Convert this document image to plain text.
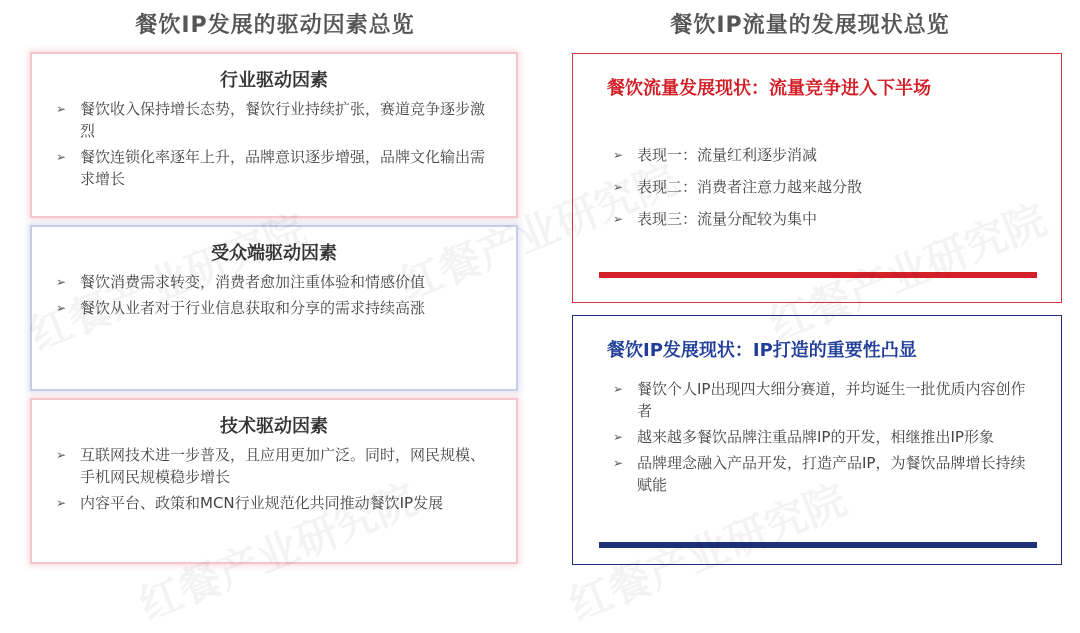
餐饮IP发展的驱动因素总览	餐饮IP流量的发展现状总览
行业驱动因素
➢ 餐饮收入保持增长态势，餐饮行业持续扩张，赛道竞争逐步激烈
➢ 餐饮连锁化率逐年上升，品牌意识逐步增强，品牌文化输出需求增长
受众端驱动因素
➢ 餐饮消费需求转变，消费者愈加注重体验和情感价值
➢ 餐饮从业者对于行业信息获取和分享的需求持续高涨
技术驱动因素
➢ 互联网技术进一步普及，且应用更加广泛。同时，网民规模、手机网民规模稳步增长
➢ 内容平台、政策和MCN行业规范化共同推动餐饮IP发展
餐饮流量发展现状：流量竞争进入下半场
➢ 表现一：流量红利逐步消减
➢ 表现二：消费者注意力越来越分散
➢ 表现三：流量分配较为集中
餐饮IP发展现状：IP打造的重要性凸显
➢ 餐饮个人IP出现四大细分赛道，并均诞生一批优质内容创作者
➢ 越来越多餐饮品牌注重品牌IP的开发，相继推出IP形象
➢ 品牌理念融入产品开发，打造产品IP，为餐饮品牌增长持续赋能
